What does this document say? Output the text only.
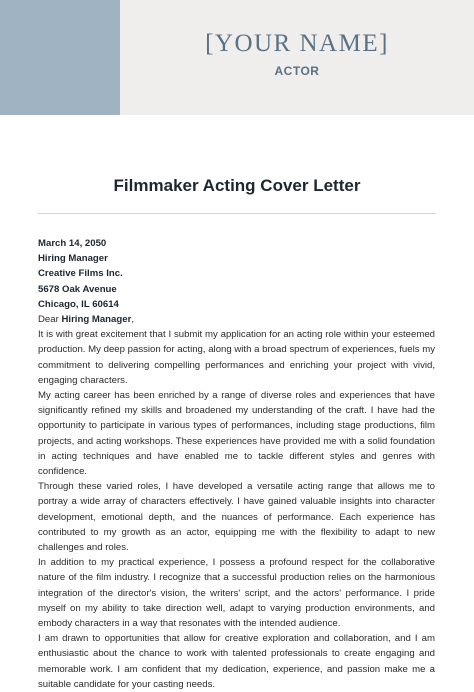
[YOUR NAME]
ACTOR
Filmmaker Acting Cover Letter
March 14, 2050
Hiring Manager
Creative Films Inc.
5678 Oak Avenue
Chicago, IL 60614
Dear Hiring Manager,
It is with great excitement that I submit my application for an acting role within your esteemed production. My deep passion for acting, along with a broad spectrum of experiences, fuels my commitment to delivering compelling performances and enriching your project with vivid, engaging characters.
My acting career has been enriched by a range of diverse roles and experiences that have significantly refined my skills and broadened my understanding of the craft. I have had the opportunity to participate in various types of performances, including stage productions, film projects, and acting workshops. These experiences have provided me with a solid foundation in acting techniques and have enabled me to tackle different styles and genres with confidence.
Through these varied roles, I have developed a versatile acting range that allows me to portray a wide array of characters effectively. I have gained valuable insights into character development, emotional depth, and the nuances of performance. Each experience has contributed to my growth as an actor, equipping me with the flexibility to adapt to new challenges and roles.
In addition to my practical experience, I possess a profound respect for the collaborative nature of the film industry. I recognize that a successful production relies on the harmonious integration of the director's vision, the writers' script, and the actors' performance. I pride myself on my ability to take direction well, adapt to varying production environments, and embody characters in a way that resonates with the intended audience.
I am drawn to opportunities that allow for creative exploration and collaboration, and I am enthusiastic about the chance to work with talented professionals to create engaging and memorable work. I am confident that my dedication, experience, and passion make me a suitable candidate for your casting needs.
